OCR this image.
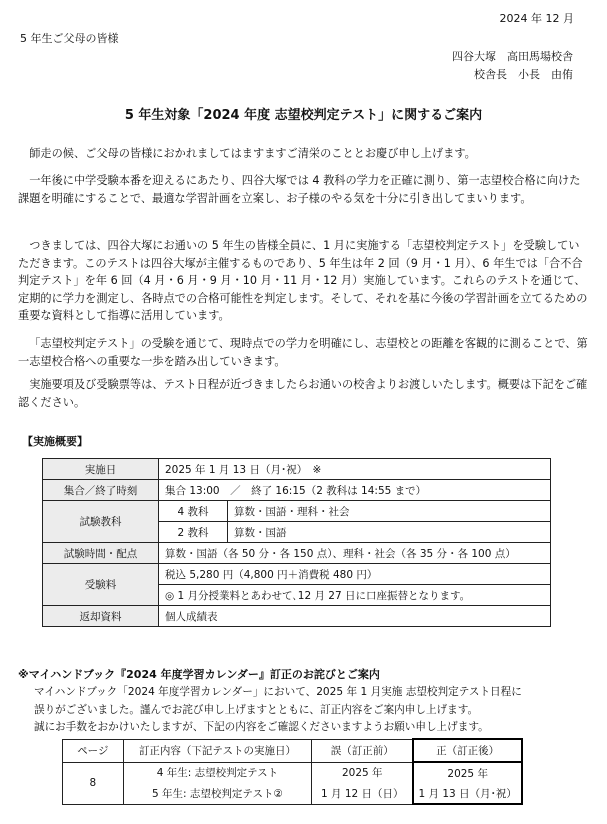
2024 年 12 月
5 年生ご父母の皆様
四谷大塚　高田馬場校舎
校舎長　小長　由侑
5 年生対象「2024 年度 志望校判定テスト」に関するご案内

師走の候、ご父母の皆様におかれましてはますますご清栄のこととお慶び申し上げます。

一年後に中学受験本番を迎えるにあたり、四谷大塚では 4 教科の学力を正確に測り、第一志望校合格に向けた課題を明確にすることで、最適な学習計画を立案し、お子様のやる気を十分に引き出してまいります。

つきましては、四谷大塚にお通いの 5 年生の皆様全員に、1 月に実施する「志望校判定テスト」を受験していただきます。このテストは四谷大塚が主催するものであり、5 年生は年 2 回（9 月・1 月）、6 年生では「合不合判定テスト」を年 6 回（4 月・6 月・9 月・10 月・11 月・12 月）実施しています。これらのテストを通じて、定期的に学力を測定し、各時点での合格可能性を判定します。そして、それを基に今後の学習計画を立てるための重要な資料として指導に活用しています。

「志望校判定テスト」の受験を通じて、現時点での学力を明確にし、志望校との距離を客観的に測ることで、第一志望校合格への重要な一歩を踏み出していきます。

実施要項及び受験票等は、テスト日程が近づきましたらお通いの校舎よりお渡しいたします。概要は下記をご確認ください。

【実施概要】
実施日	2025 年 1 月 13 日（月･祝）　※	
集合／終了時刻	集合 13:00　／　終了 16:15（2 教科は 14:55 まで）	
試験教科	4 教科	算数・国語・理科・社会
	2 教科	算数・国語
試験時間・配点	算数・国語（各 50 分・各 150 点）、理科・社会（各 35 分・各 100 点）	
受験料	税込 5,280 円（4,800 円＋消費税 480 円）	
	◎ 1 月分授業料とあわせて､12 月 27 日に口座振替となります。	
返却資料	個人成績表	
※マイハンドブック『2024 年度学習カレンダー』訂正のお詫びとご案内
マイハンドブック「2024 年度学習カレンダー」において、2025 年 1 月実施 志望校判定テスト日程に
誤りがございました。謹んでお詫び申し上げますとともに、訂正内容をご案内申し上げます。
誠にお手数をおかけいたしますが、下記の内容をご確認くださいますようお願い申し上げます。
ページ	訂正内容（下記テストの実施日）	誤（訂正前）	正（訂正後）
8	4 年生: 志望校判定テスト	2025 年	2025 年
	5 年生: 志望校判定テスト②	1 月 12 日（日）	1 月 13 日（月･祝）
